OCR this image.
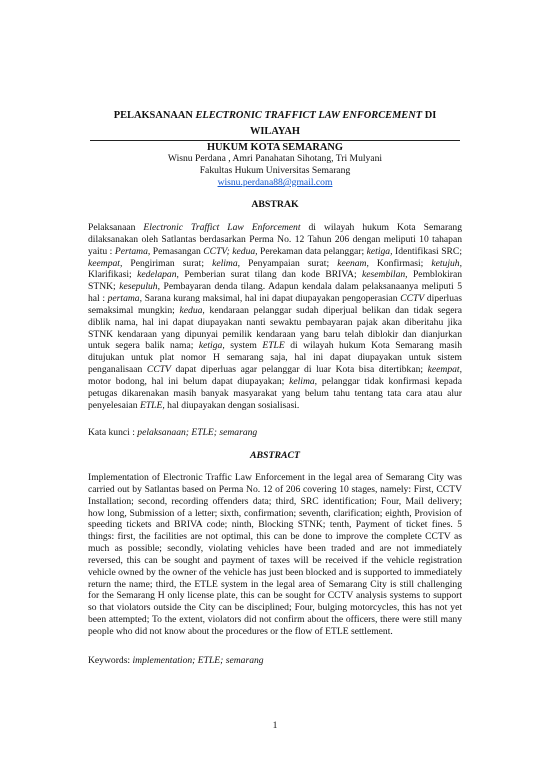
PELAKSANAAN ELECTRONIC TRAFFICT LAW ENFORCEMENT DI WILAYAH
HUKUM KOTA SEMARANG
Wisnu Perdana , Amri Panahatan Sihotang, Tri Mulyani
Fakultas Hukum Universitas Semarang
wisnu.perdana88@gmail.com
ABSTRAK
Pelaksanaan Electronic Traffict Law Enforcement di wilayah hukum Kota Semarang dilaksanakan oleh Satlantas berdasarkan Perma No. 12 Tahun 206 dengan meliputi 10 tahapan yaitu : Pertama, Pemasangan CCTV; kedua, Perekaman data pelanggar; ketiga, Identifikasi SRC; keempat, Pengiriman surat; kelima, Penyampaian surat; keenam, Konfirmasi; ketujuh, Klarifikasi; kedelapan, Pemberian surat tilang dan kode BRIVA; kesembilan, Pemblokiran STNK; kesepuluh, Pembayaran denda tilang. Adapun kendala dalam pelaksanaanya meliputi 5 hal : pertama, Sarana kurang maksimal, hal ini dapat diupayakan pengoperasian CCTV diperluas semaksimal mungkin; kedua, kendaraan pelanggar sudah diperjual belikan dan tidak segera diblik nama, hal ini dapat diupayakan nanti sewaktu pembayaran pajak akan diberitahu jika STNK kendaraan yang dipunyai pemilik kendaraan yang baru telah diblokir dan dianjurkan untuk segera balik nama; ketiga, system ETLE di wilayah hukum Kota Semarang masih ditujukan untuk plat nomor H semarang saja, hal ini dapat diupayakan untuk sistem penganalisaan CCTV dapat diperluas agar pelanggar di luar Kota bisa ditertibkan; keempat, motor bodong, hal ini belum dapat diupayakan; kelima, pelanggar tidak konfirmasi kepada petugas dikarenakan masih banyak masyarakat yang belum tahu tentang tata cara atau alur penyelesaian ETLE, hal diupayakan dengan sosialisasi.
Kata kunci : pelaksanaan; ETLE; semarang
ABSTRACT
Implementation of Electronic Traffic Law Enforcement in the legal area of Semarang City was carried out by Satlantas based on Perma No. 12 of 206 covering 10 stages, namely: First, CCTV Installation; second, recording offenders data; third, SRC identification; Four, Mail delivery; how long, Submission of a letter; sixth, confirmation; seventh, clarification; eighth, Provision of speeding tickets and BRIVA code; ninth, Blocking STNK; tenth, Payment of ticket fines. 5 things: first, the facilities are not optimal, this can be done to improve the complete CCTV as much as possible; secondly, violating vehicles have been traded and are not immediately reversed, this can be sought and payment of taxes will be received if the vehicle registration vehicle owned by the owner of the vehicle has just been blocked and is supported to immediately return the name; third, the ETLE system in the legal area of Semarang City is still challenging for the Semarang H only license plate, this can be sought for CCTV analysis systems to support so that violators outside the City can be disciplined; Four, bulging motorcycles, this has not yet been attempted; To the extent, violators did not confirm about the officers, there were still many people who did not know about the procedures or the flow of ETLE settlement.
Keywords: implementation; ETLE; semarang
1
